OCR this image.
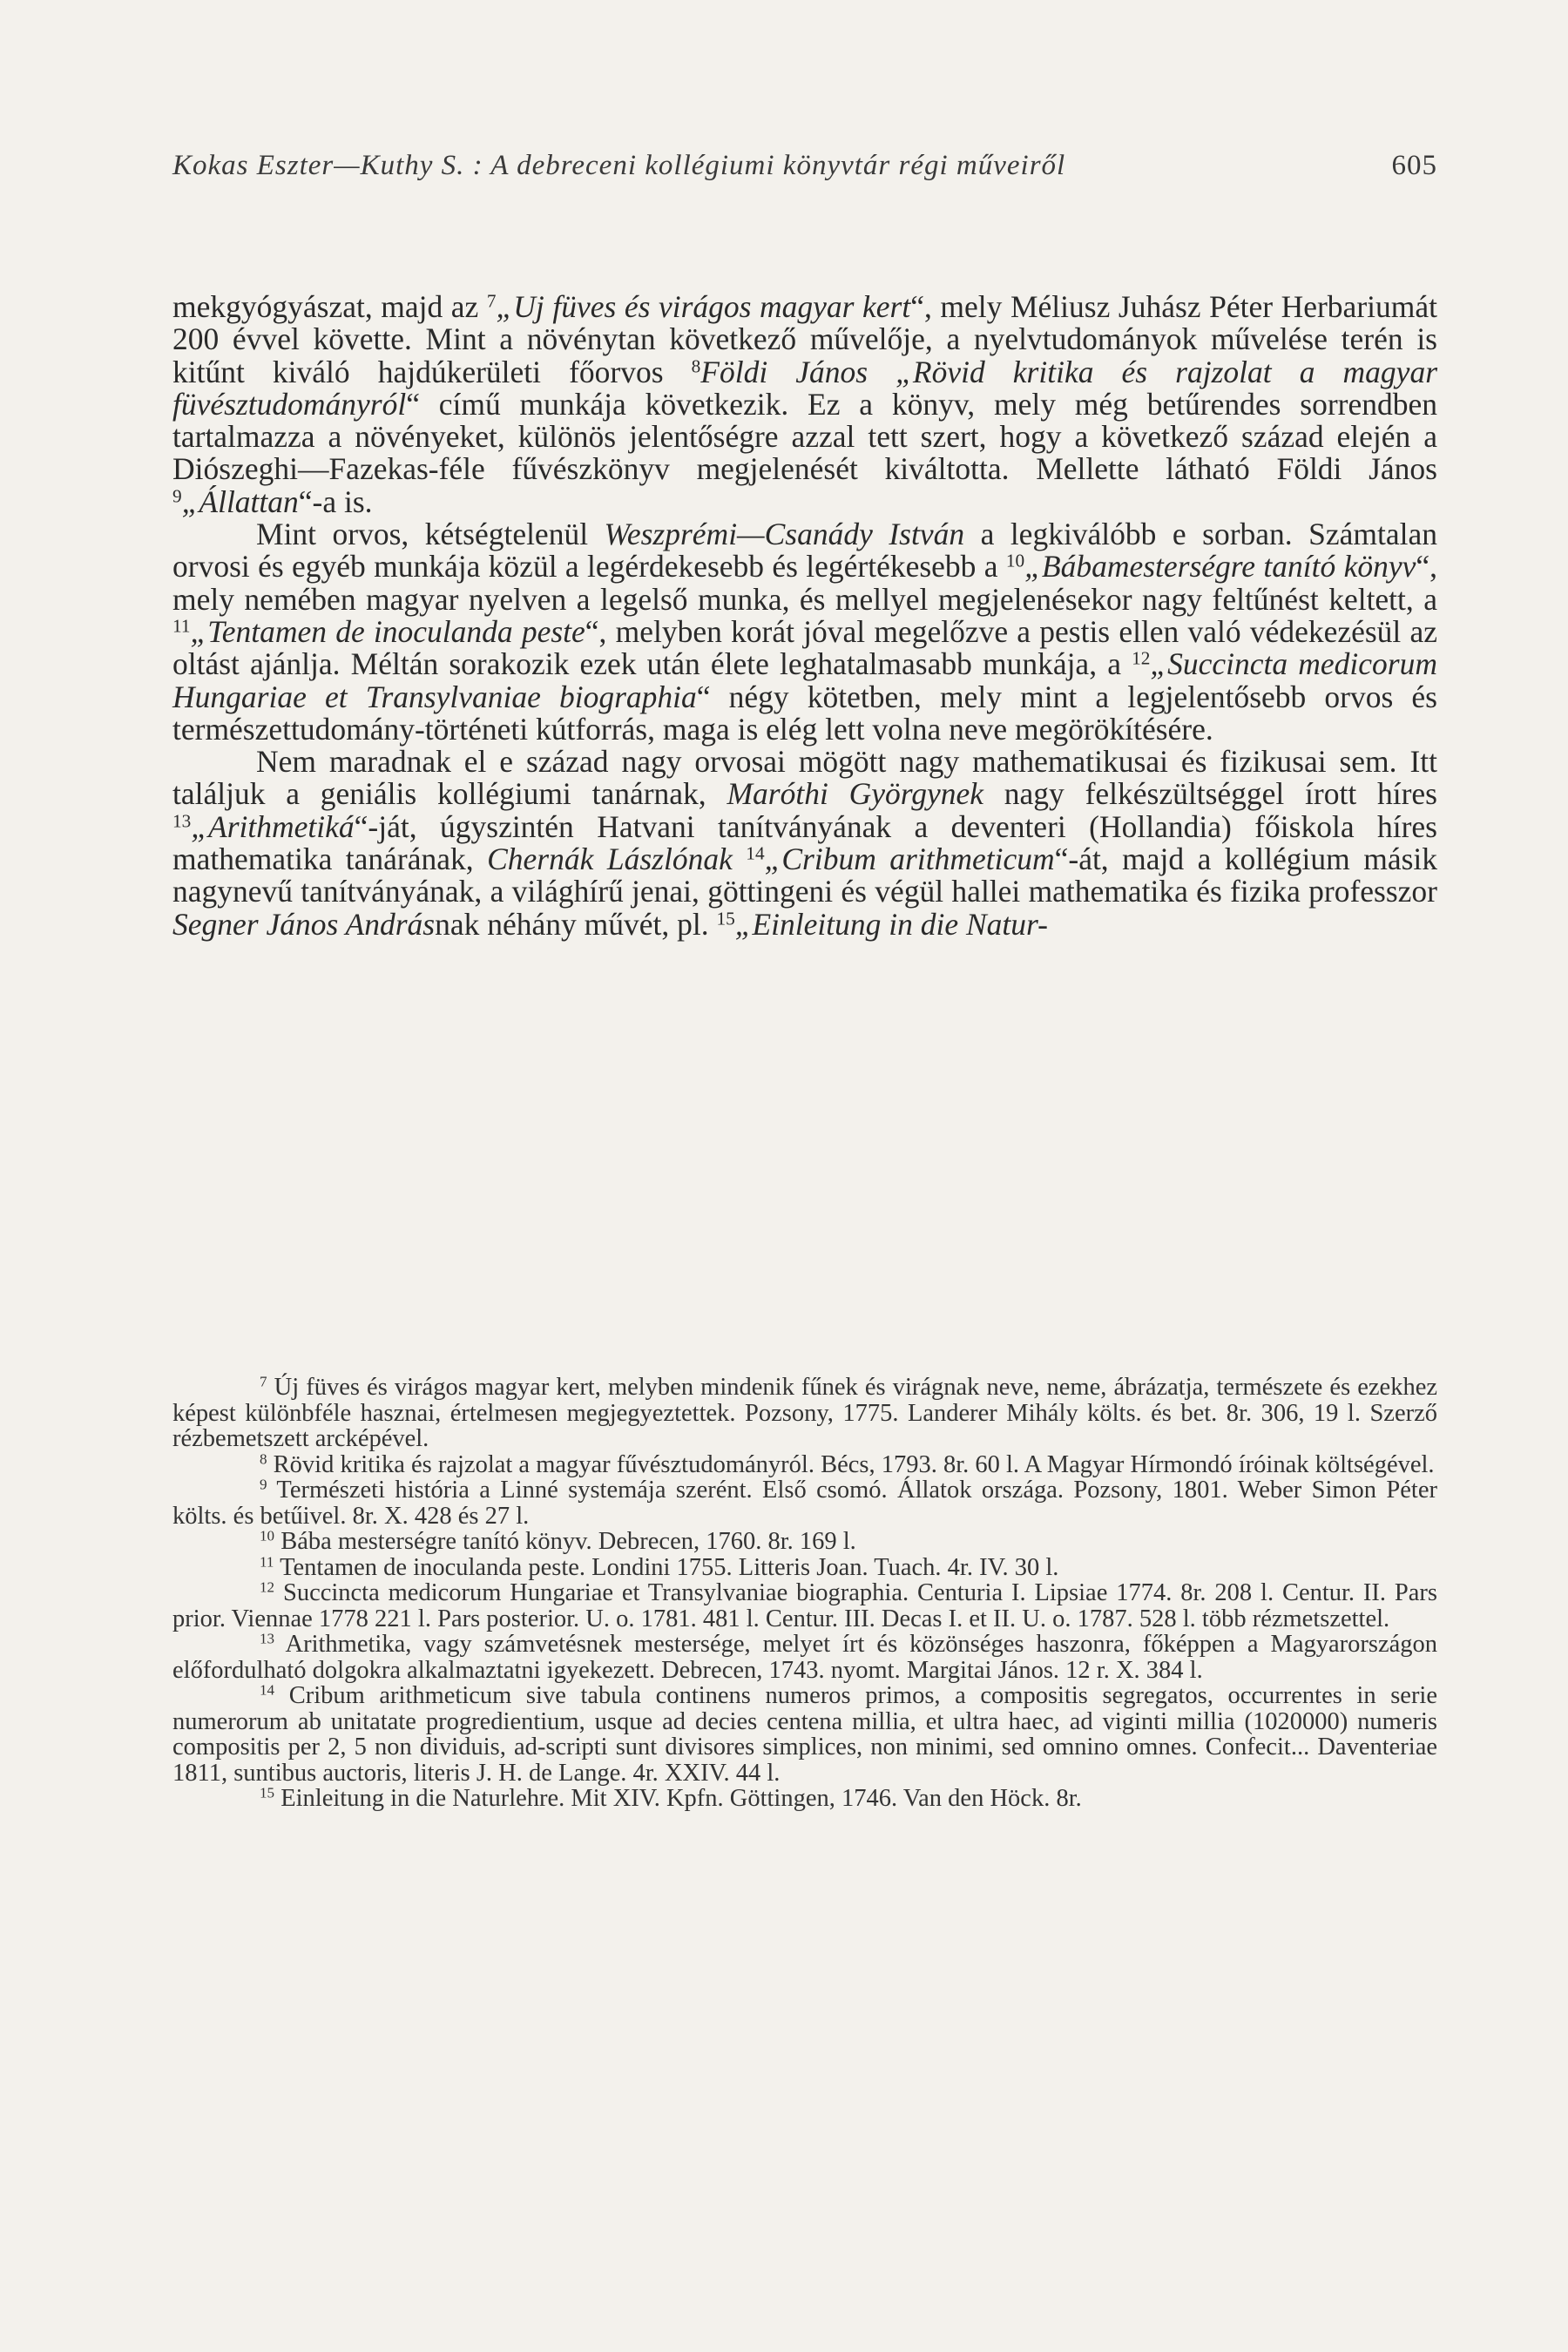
Kokas Eszter—Kuthy S. : A debreceni kollégiumi könyvtár régi műveiről	605

mekgyógyászat, majd az $^7$„Uj füves és virágos magyar kert“, mely Méliusz Juhász Péter Herbariumát 200 évvel követte. Mint a növénytan következő művelője, a nyelvtudományok művelése terén is kitűnt kiváló hajdúkerületi főorvos $^8$Földi János „Rövid kritika és rajzolat a magyar füvésztudományról“ című munkája következik. Ez a könyv, mely még betűrendes sorrendben tartalmazza a növényeket, különös jelentőségre azzal tett szert, hogy a következő század elején a Diószeghi—Fazekas-féle fűvészkönyv megjelenését kiváltotta. Mellette látható Földi János $^9$„Állattan“-a is.

Mint orvos, kétségtelenül Weszprémi—Csanády István a legkiválóbb e sorban. Számtalan orvosi és egyéb munkája közül a legérdekesebb és legértékesebb a $^{10}$„Bábamesterségre tanító könyv“, mely nemében magyar nyelven a legelső munka, és mellyel megjelenésekor nagy feltűnést keltett, a $^{11}$„Tentamen de inoculanda peste“, melyben korát jóval megelőzve a pestis ellen való védekezésül az oltást ajánlja. Méltán sorakozik ezek után élete leghatalmasabb munkája, a $^{12}$„Succincta medicorum Hungariae et Transylvaniae biographia“ négy kötetben, mely mint a legjelentősebb orvos és természettudomány-történeti kútforrás, maga is elég lett volna neve megörökítésére.

Nem maradnak el e század nagy orvosai mögött nagy mathematikusai és fizikusai sem. Itt találjuk a geniális kollégiumi tanárnak, Maróthi Györgynek nagy felkészültséggel írott híres $^{13}$„Arithmetiká“-ját, úgyszintén Hatvani tanítványának a deventeri (Hollandia) főiskola híres mathematika tanárának, Chernák Lászlónak $^{14}$„Cribum arithmeticum“-át, majd a kollégium másik nagynevű tanítványának, a világhírű jenai, göttingeni és végül hallei mathematika és fizika professzor Segner János Andrásnak néhány művét, pl. $^{15}$„Einleitung in die Natur-

$^7$ Új füves és virágos magyar kert, melyben mindenik fűnek és virágnak neve, neme, ábrázatja, természete és ezekhez képest különbféle hasznai, értelmesen megjegyeztettek. Pozsony, 1775. Landerer Mihály költs. és bet. 8r. 306, 19 l. Szerző rézbemetszett arcképével.

$^8$ Rövid kritika és rajzolat a magyar fűvésztudományról. Bécs, 1793. 8r. 60 l. A Magyar Hírmondó íróinak költségével.

$^9$ Természeti história a Linné systemája szerént. Első csomó. Állatok országa. Pozsony, 1801. Weber Simon Péter költs. és betűivel. 8r. X. 428 és 27 l.

$^{10}$ Bába mesterségre tanító könyv. Debrecen, 1760. 8r. 169 l.

$^{11}$ Tentamen de inoculanda peste. Londini 1755. Litteris Joan. Tuach. 4r. IV. 30 l.

$^{12}$ Succincta medicorum Hungariae et Transylvaniae biographia. Centuria I. Lipsiae 1774. 8r. 208 l. Centur. II. Pars prior. Viennae 1778 221 l. Pars posterior. U. o. 1781. 481 l. Centur. III. Decas I. et II. U. o. 1787. 528 l. több rézmetszettel.

$^{13}$ Arithmetika, vagy számvetésnek mestersége, melyet írt és közönséges haszonra, főképpen a Magyarországon előfordulható dolgokra alkalmaztatni igyekezett. Debrecen, 1743. nyomt. Margitai János. 12 r. X. 384 l.

$^{14}$ Cribum arithmeticum sive tabula continens numeros primos, a compositis segregatos, occurrentes in serie numerorum ab unitatate progredientium, usque ad decies centena millia, et ultra haec, ad viginti millia (1020000) numeris compositis per 2, 5 non dividuis, ad-scripti sunt divisores simplices, non minimi, sed omnino omnes. Confecit... Daventeriae 1811, suntibus auctoris, literis J. H. de Lange. 4r. XXIV. 44 l.

$^{15}$ Einleitung in die Naturlehre. Mit XIV. Kpfn. Göttingen, 1746. Van den Höck. 8r.
